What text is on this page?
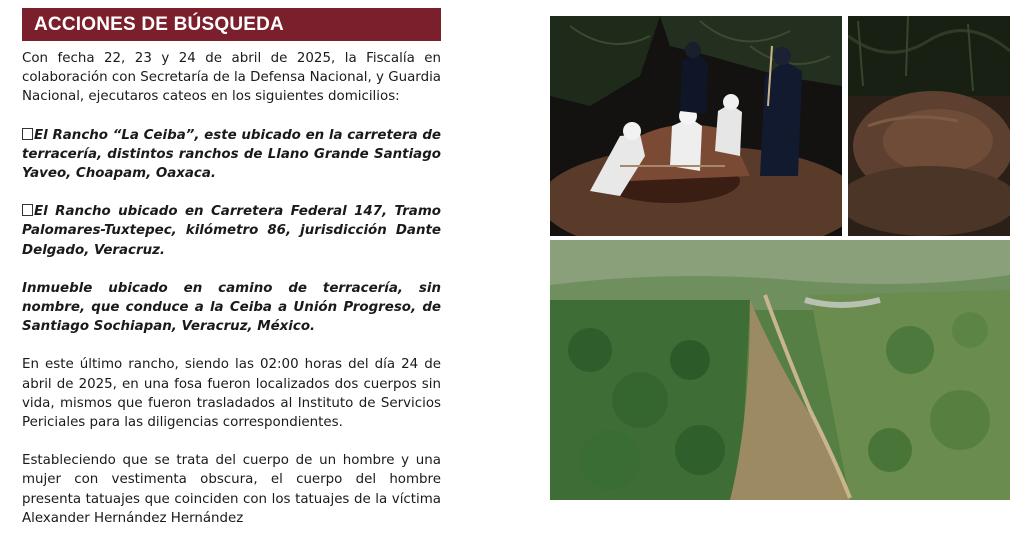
ACCIONES DE BÚSQUEDA

Con fecha 22, 23 y 24 de abril de 2025, la Fiscalía en colaboración con Secretaría de la Defensa Nacional, y Guardia Nacional, ejecutaros cateos en los siguientes domicilios:

El Rancho “La Ceiba”, este ubicado en la carretera de terracería, distintos ranchos de Llano Grande Santiago Yaveo, Choapam, Oaxaca.

El Rancho ubicado en Carretera Federal 147, Tramo Palomares-Tuxtepec, kilómetro 86, jurisdicción Dante Delgado, Veracruz.

Inmueble ubicado en camino de terracería, sin nombre, que conduce a la Ceiba a Unión Progreso, de Santiago Sochiapan, Veracruz, México.

En este último rancho, siendo las 02:00 horas del día 24 de abril de 2025, en una fosa fueron localizados dos cuerpos sin vida, mismos que fueron trasladados al Instituto de Servicios Periciales para las diligencias correspondientes.

Estableciendo que se trata del cuerpo de un hombre y una mujer con vestimenta obscura, el cuerpo del hombre presenta tatuajes que coinciden con los tatuajes de la víctima Alexander Hernández Hernández
